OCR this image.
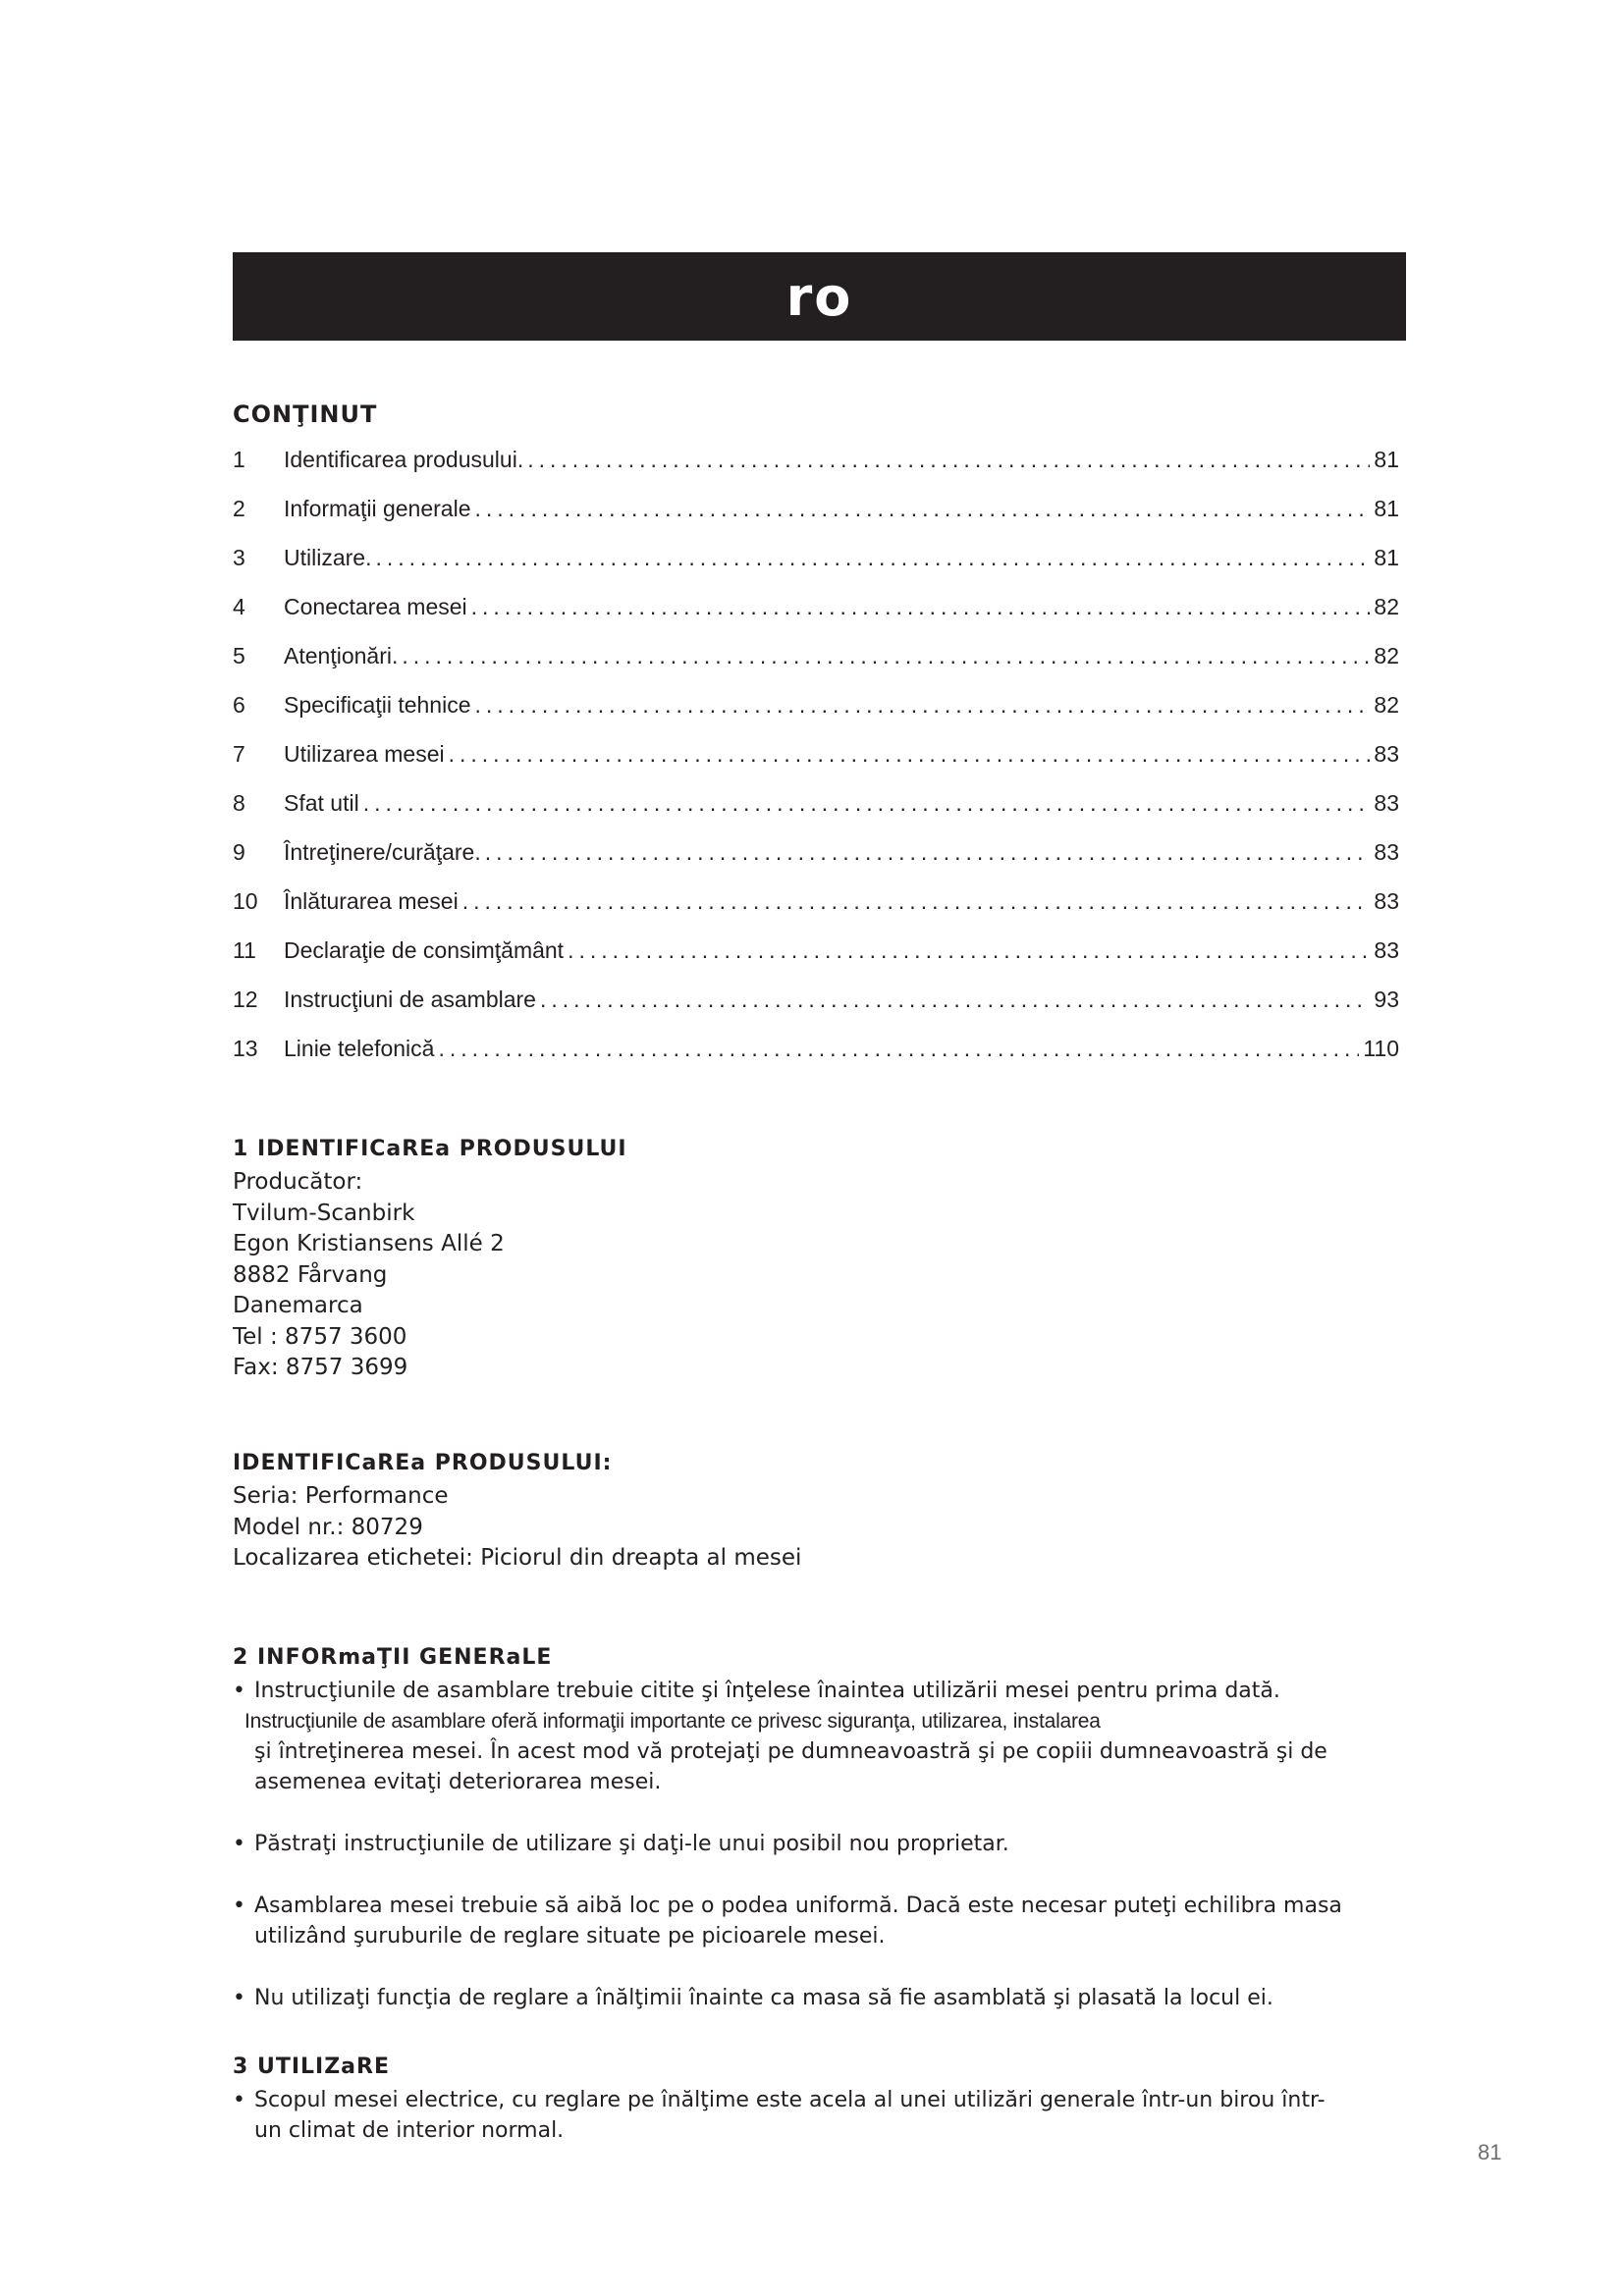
ro
CONŢINUT
1	Identificarea produsului. .....	81
2	Informaţii generale .....	81
3	Utilizare. .....	81
4	Conectarea mesei .....	82
5	Atenţionări. .....	82
6	Specificaţii tehnice .....	82
7	Utilizarea mesei .....	83
8	Sfat util .....	83
9	Întreţinere/curăţare. .....	83
10	Înlăturarea mesei .....	83
11	Declaraţie de consimţământ .....	83
12	Instrucţiuni de asamblare .....	93
13	Linie telefonică .....	110
1 IDENTIFICaREa PRODUSULUI
Producător:
Tvilum-Scanbirk
Egon Kristiansens Allé 2
8882 Fårvang
Danemarca
Tel : 8757 3600
Fax: 8757 3699
IDENTIFICaREa PRODUSULUI:
Seria: Performance
Model nr.: 80729
Localizarea etichetei: Piciorul din dreapta al mesei
2 INFORmaŢII GENERaLE
• Instrucţiunile de asamblare trebuie citite şi înţelese înaintea utilizării mesei pentru prima dată.
Instrucţiunile de asamblare oferă informaţii importante ce privesc siguranţa, utilizarea, instalarea
şi întreţinerea mesei. În acest mod vă protejaţi pe dumneavoastră şi pe copiii dumneavoastră şi de
asemenea evitaţi deteriorarea mesei.
• Păstraţi instrucţiunile de utilizare şi daţi-le unui posibil nou proprietar.
• Asamblarea mesei trebuie să aibă loc pe o podea uniformă. Dacă este necesar puteţi echilibra masa
utilizând şuruburile de reglare situate pe picioarele mesei.
• Nu utilizaţi funcţia de reglare a înălţimii înainte ca masa să fie asamblată şi plasată la locul ei.
3 UTILIZaRE
• Scopul mesei electrice, cu reglare pe înălţime este acela al unei utilizări generale într-un birou într-
un climat de interior normal.
81
